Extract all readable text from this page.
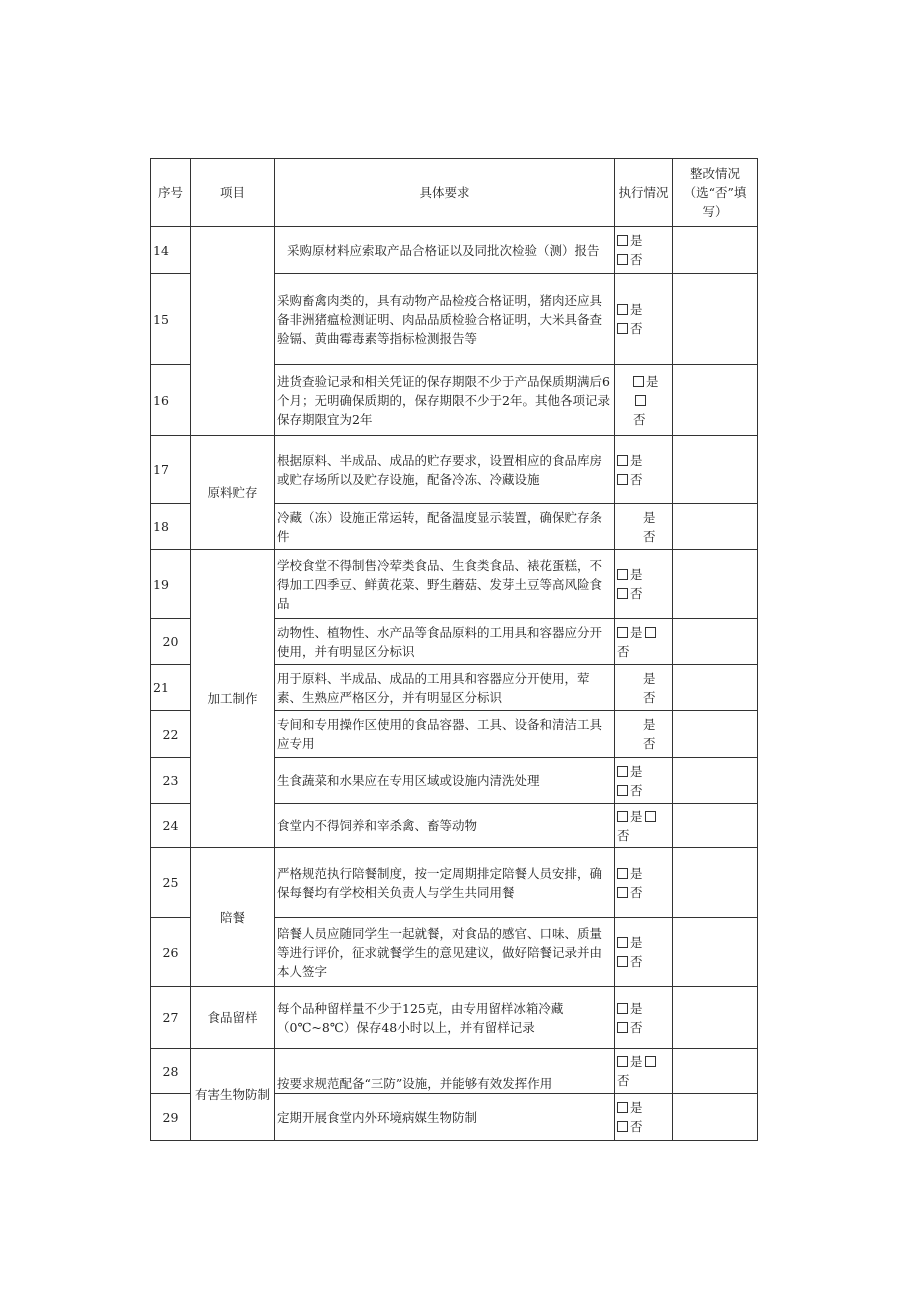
序号	项目	具体要求	执行情况	整改情况（选“否”填写）
14		采购原材料应索取产品合格证以及同批次检验（测）报告	是
否	

15		采购畜禽肉类的，具有动物产品检疫合格证明，猪肉还应具备非洲猪瘟检测证明、肉品品质检验合格证明，大米具备查验镉、黄曲霉毒素等指标检测报告等	是
否	

16		进货查验记录和相关凭证的保存期限不少于产品保质期满后6个月；无明确保质期的，保存期限不少于2年。其他各项记录保存期限宜为2年	是
否	

17	原料贮存	根据原料、半成品、成品的贮存要求，设置相应的食品库房或贮存场所以及贮存设施，配备冷冻、冷藏设施	是
否	

18		冷藏（冻）设施正常运转，配备温度显示装置，确保贮存条件	是
否	

19	加工制作	学校食堂不得制售冷荤类食品、生食类食品、裱花蛋糕，不得加工四季豆、鲜黄花菜、野生蘑菇、发芽土豆等高风险食品	是
否	

20		动物性、植物性、水产品等食品原料的工用具和容器应分开使用，并有明显区分标识	是
否	

21		用于原料、半成品、成品的工用具和容器应分开使用，荤素、生熟应严格区分，并有明显区分标识	是
否	

22		专间和专用操作区使用的食品容器、工具、设备和清洁工具应专用	是
否	

23		生食蔬菜和水果应在专用区域或设施内清洗处理	是
否	

24		食堂内不得饲养和宰杀禽、畜等动物	是
否	

25	陪餐	严格规范执行陪餐制度，按一定周期排定陪餐人员安排，确保每餐均有学校相关负责人与学生共同用餐	是
否	

26		陪餐人员应随同学生一起就餐，对食品的感官、口味、质量等进行评价，征求就餐学生的意见建议，做好陪餐记录并由本人签字	是
否	

27	食品留样	每个品种留样量不少于125克，由专用留样冰箱冷藏（0℃~8℃）保存48小时以上，并有留样记录	是
否	

28	有害生物防制	按要求规范配备“三防”设施，并能够有效发挥作用	是
否	

29		定期开展食堂内外环境病媒生物防制	是
否	
